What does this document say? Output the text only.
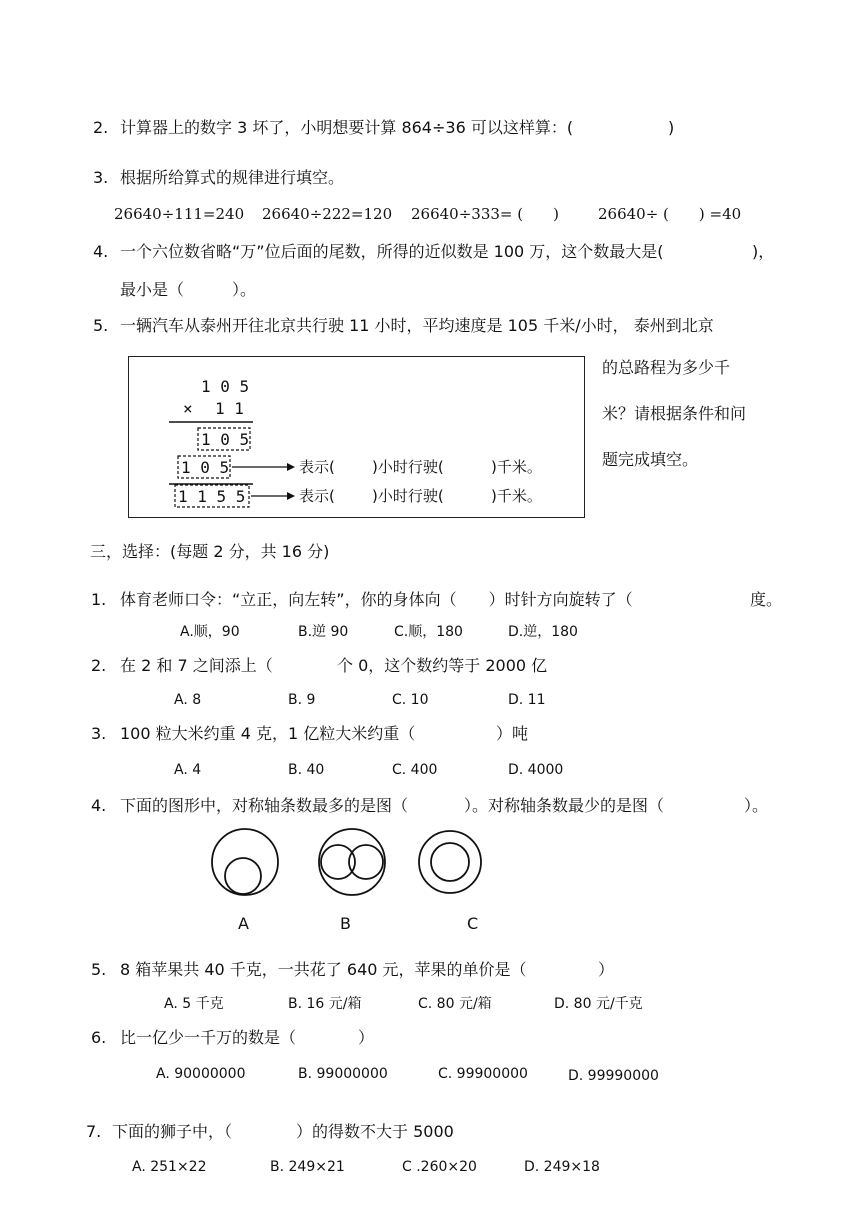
2. 计算器上的数字 3 坏了，小明想要计算 864÷36 可以这样算：(	)
3. 根据所给算式的规律进行填空。
26640÷111=240 26640÷222=120 26640÷333= (　　)	26640÷ (　　) =40
4. 一个六位数省略“万”位后面的尾数，所得的近似数是 100 万，这个数最大是(	)，
最小是（　　　）。
5. 一辆汽车从泰州开往北京共行驶 11 小时，平均速度是 105 千米/小时， 泰州到北京
的总路程为多少千
米？请根据条件和问
题完成填空。
1 0 5
× 1 1
1 0 5
1 0 5
1 1 5 5
表示( )小时行驶(	)千米。
表示( )小时行驶(	)千米。
三，选择：(每题 2 分，共 16 分)
1. 体育老师口令：“立正，向左转”，你的身体向（　　）时针方向旋转了（	度。
A.顺，90	B.逆 90	C.顺，180	D.逆，180
2. 在 2 和 7 之间添上（	个 0，这个数约等于 2000 亿
A. 8	B. 9	C. 10	D. 11
3. 100 粒大米约重 4 克，1 亿粒大米约重（	）吨
A. 4	B. 40	C. 400	D. 4000
4. 下面的图形中，对称轴条数最多的是图（	）。对称轴条数最少的是图（	）。
A	B	C
5. 8 箱苹果共 40 千克，一共花了 640 元，苹果的单价是（	）
A. 5 千克	B. 16 元/箱	C. 80 元/箱	D. 80 元/千克
6. 比一亿少一千万的数是（	）
A. 90000000	B. 99000000	C. 99900000	D. 99990000
7. 下面的狮子中，（	）的得数不大于 5000
A. 251×22	B. 249×21	C .260×20	D. 249×18
